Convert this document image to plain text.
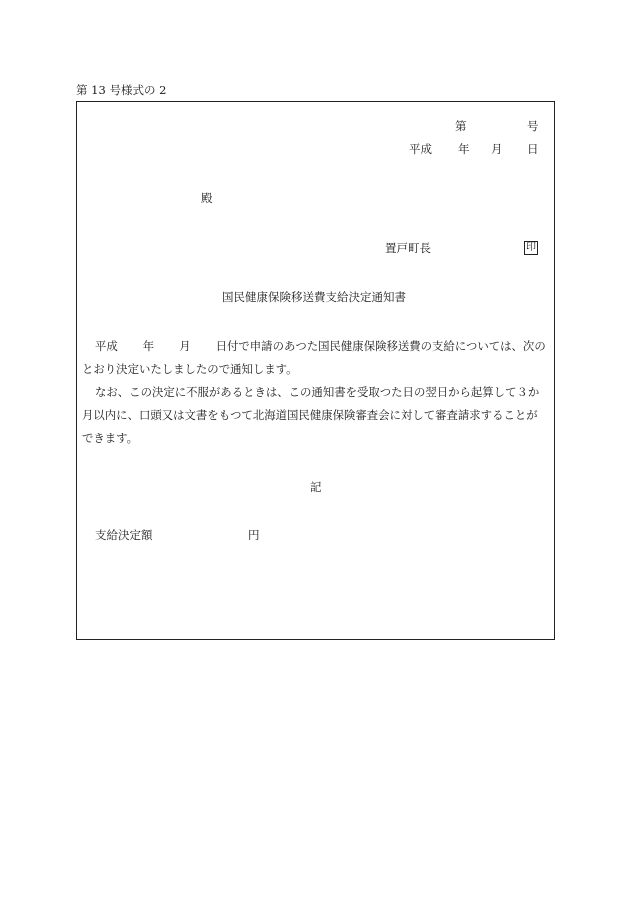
第 13 号様式の 2
第	号
平成 年 月 日
殿
置戸町長	印
国民健康保険移送費支給決定通知書
平成 年 月 日付で申請のあつた国民健康保険移送費の支給については、次の
とおり決定いたしましたので通知します。
なお、この決定に不服があるときは、この通知書を受取つた日の翌日から起算して３か
月以内に、口頭又は文書をもつて北海道国民健康保険審査会に対して審査請求することが
できます。
記
支給決定額	円
